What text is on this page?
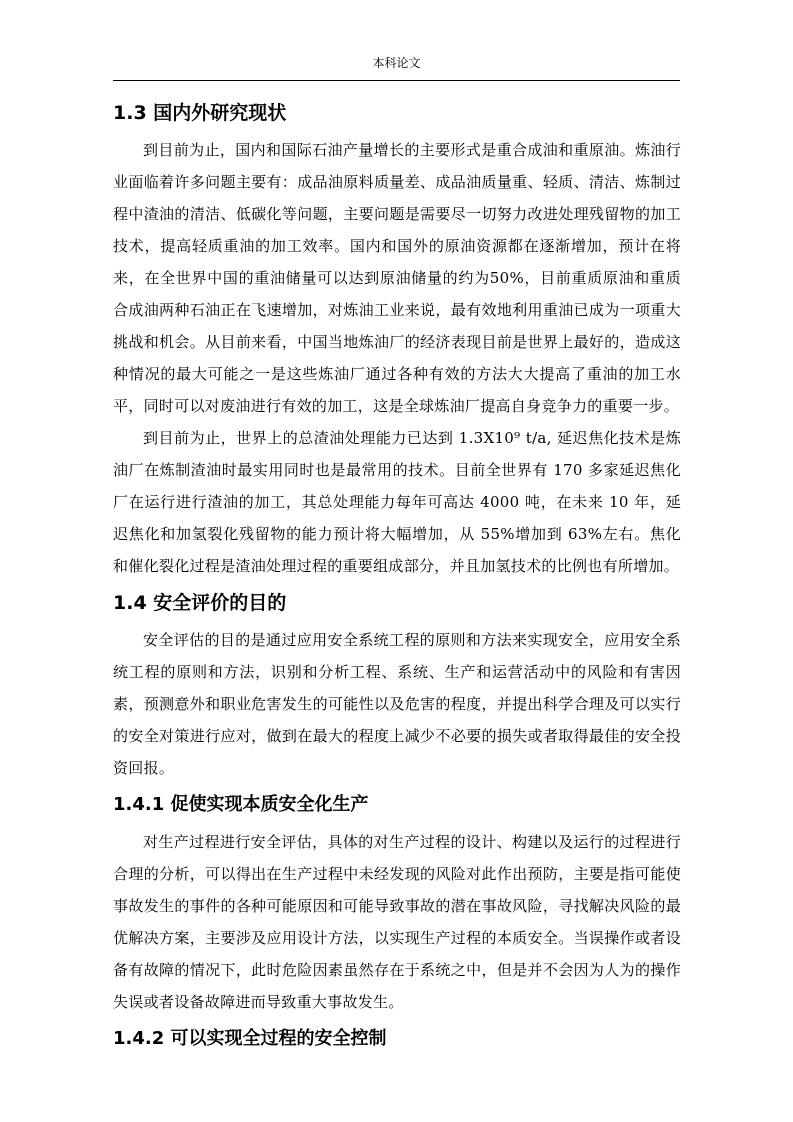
本科论文
1.3 国内外研究现状

到目前为止，国内和国际石油产量增长的主要形式是重合成油和重原油。炼油行业面临着许多问题主要有：成品油原料质量差、成品油质量重、轻质、清洁、炼制过程中渣油的清洁、低碳化等问题，主要问题是需要尽一切努力改进处理残留物的加工技术，提高轻质重油的加工效率。国内和国外的原油资源都在逐渐增加，预计在将来，在全世界中国的重油储量可以达到原油储量的约为50%，目前重质原油和重质合成油两种石油正在飞速增加，对炼油工业来说，最有效地利用重油已成为一项重大挑战和机会。从目前来看，中国当地炼油厂的经济表现目前是世界上最好的，造成这种情况的最大可能之一是这些炼油厂通过各种有效的方法大大提高了重油的加工水平，同时可以对废油进行有效的加工，这是全球炼油厂提高自身竞争力的重要一步。

到目前为止，世界上的总渣油处理能力已达到 1.3X10⁹ t/a, 延迟焦化技术是炼油厂在炼制渣油时最实用同时也是最常用的技术。目前全世界有 170 多家延迟焦化厂在运行进行渣油的加工，其总处理能力每年可高达 4000 吨，在未来 10 年，延迟焦化和加氢裂化残留物的能力预计将大幅增加，从 55%增加到 63%左右。焦化和催化裂化过程是渣油处理过程的重要组成部分，并且加氢技术的比例也有所增加。

1.4 安全评价的目的

安全评估的目的是通过应用安全系统工程的原则和方法来实现安全，应用安全系统工程的原则和方法，识别和分析工程、系统、生产和运营活动中的风险和有害因素，预测意外和职业危害发生的可能性以及危害的程度，并提出科学合理及可以实行的安全对策进行应对，做到在最大的程度上减少不必要的损失或者取得最佳的安全投资回报。

1.4.1 促使实现本质安全化生产

对生产过程进行安全评估，具体的对生产过程的设计、构建以及运行的过程进行合理的分析，可以得出在生产过程中未经发现的风险对此作出预防，主要是指可能使事故发生的事件的各种可能原因和可能导致事故的潜在事故风险，寻找解决风险的最优解决方案，主要涉及应用设计方法，以实现生产过程的本质安全。当误操作或者设备有故障的情况下，此时危险因素虽然存在于系统之中，但是并不会因为人为的操作失误或者设备故障进而导致重大事故发生。

1.4.2 可以实现全过程的安全控制
